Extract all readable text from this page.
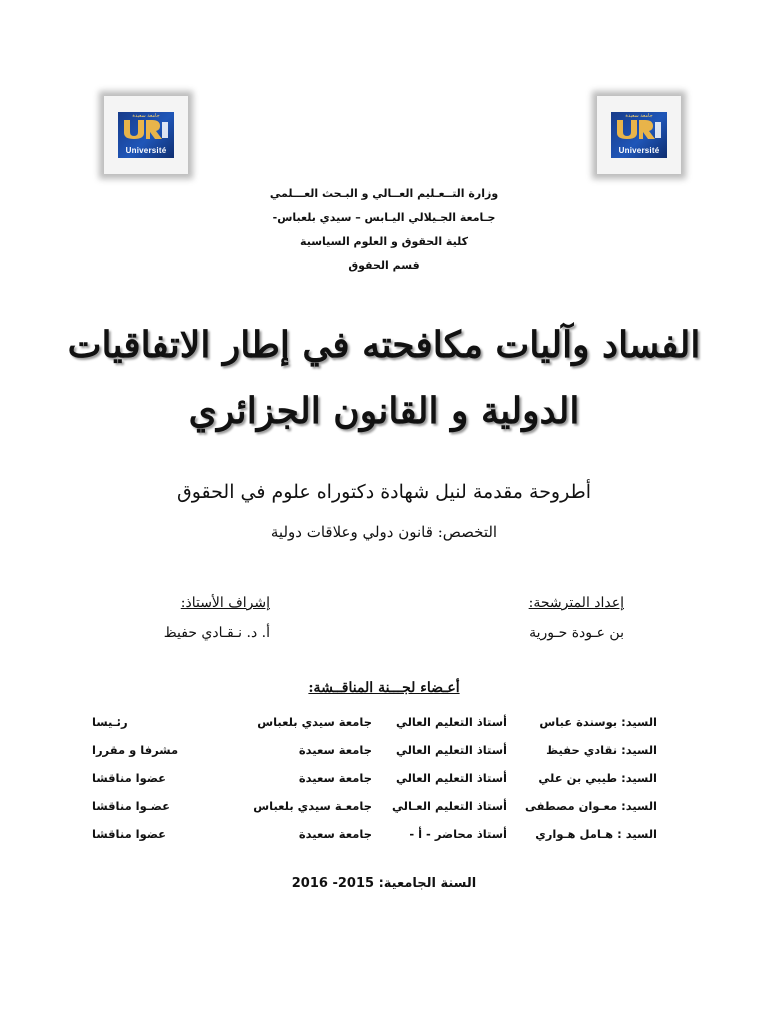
جامعة سعيدة
Université
جامعة سعيدة
Université
وزارة التــعـليم العــالي و البـحث العـــلمي
جـامعة الجـيلالي اليـابس – سيدي بلعباس-
كلية الحقوق و العلوم السياسية
قسم الحقوق
الفساد وآليات مكافحته في إطار الاتفاقيات
الدولية و القانون الجزائري
أطروحة مقدمة لنيل شهادة دكتوراه علوم في الحقوق
التخصص: قانون دولي وعلاقات دولية
إعداد المترشحة:
بن عـودة حـورية
إشراف الأستاذ:
أ. د. نـقـادي حفيظ
أعـضاء لجـــنة المناقــشة:
السيد: بوسندة عباس
أستاذ التعليم العالي
جامعة سيدي بلعباس
رئـيسا
السيد: نقادي حفيظ
أستاذ التعليم العالي
جامعة سعيدة
مشرفا و مقررا
السيد: طيبي بن علي
أستاذ التعليم العالي
جامعة سعيدة
عضوا مناقشا
السيد: معـوان مصطفى
أستاذ التعليم العـالي
جامعـة سيدي بلعباس
عضـوا مناقشا
السيد : هـامل هـواري
أستاذ محاضر - أ -
جامعة سعيدة
عضوا مناقشا
السنة الجامعية: 2015- 2016
